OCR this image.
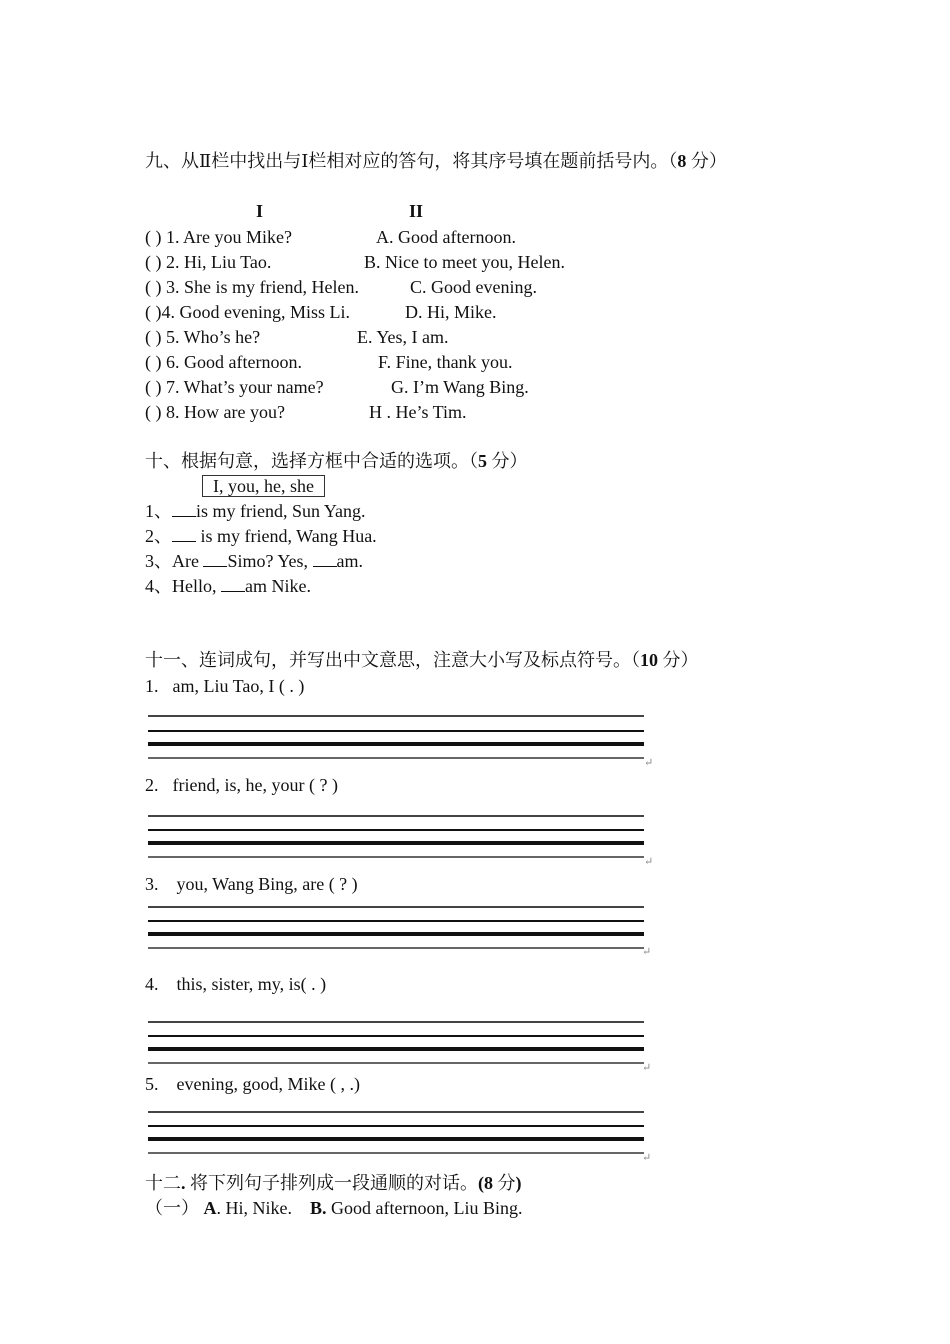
九、从Ⅱ栏中找出与Ⅰ栏相对应的答句，将其序号填在题前括号内。（8 分）
I	II
( ) 1. Are you Mike?	A. Good afternoon.
( ) 2. Hi, Liu Tao.	B. Nice to meet you, Helen.
( ) 3. She is my friend, Helen.	C. Good evening.
( )4. Good evening, Miss Li.	D. Hi, Mike.
( ) 5. Who’s he?	E. Yes, I am.
( ) 6. Good afternoon.	F. Fine, thank you.
( ) 7. What’s your name?	G. I’m Wang Bing.
( ) 8. How are you?	H . He’s Tim.
十、根据句意，选择方框中合适的选项。（5 分）
I, you, he, she
1、 is my friend, Sun Yang.
2、 is my friend, Wang Hua.
3、Are Simo? Yes, am.
4、Hello, am Nike.
十一、连词成句，并写出中文意思，注意大小写及标点符号。（10 分）
1. am, Liu Tao, I ( . )
↵
2. friend, is, he, your ( ? )
↵
3. you, Wang Bing, are ( ? )
↵
4. this, sister, my, is( . )
↵
5. evening, good, Mike ( , .)
↵
十二. 将下列句子排列成一段通顺的对话。(8 分)
（一） A. Hi, Nike.    B. Good afternoon, Liu Bing.
